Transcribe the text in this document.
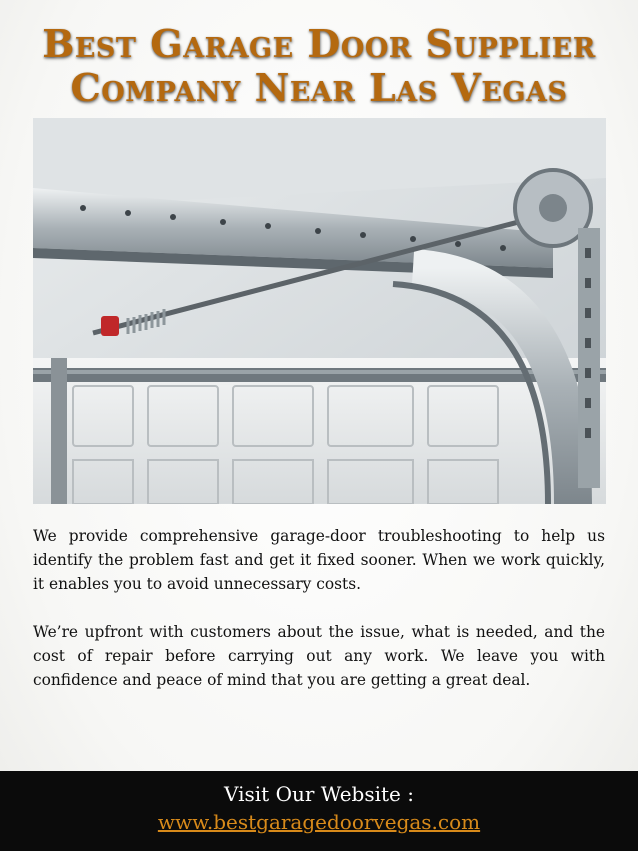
Best Garage Door Supplier
Company Near Las Vegas

We provide comprehensive garage-door troubleshooting to help us identify the problem fast and get it fixed sooner. When we work quickly, it enables you to avoid unnecessary costs.

We’re upfront with customers about the issue, what is needed, and the cost of repair before carrying out any work. We leave you with confidence and peace of mind that you are getting a great deal.

Visit Our Website :
www.bestgaragedoorvegas.com
